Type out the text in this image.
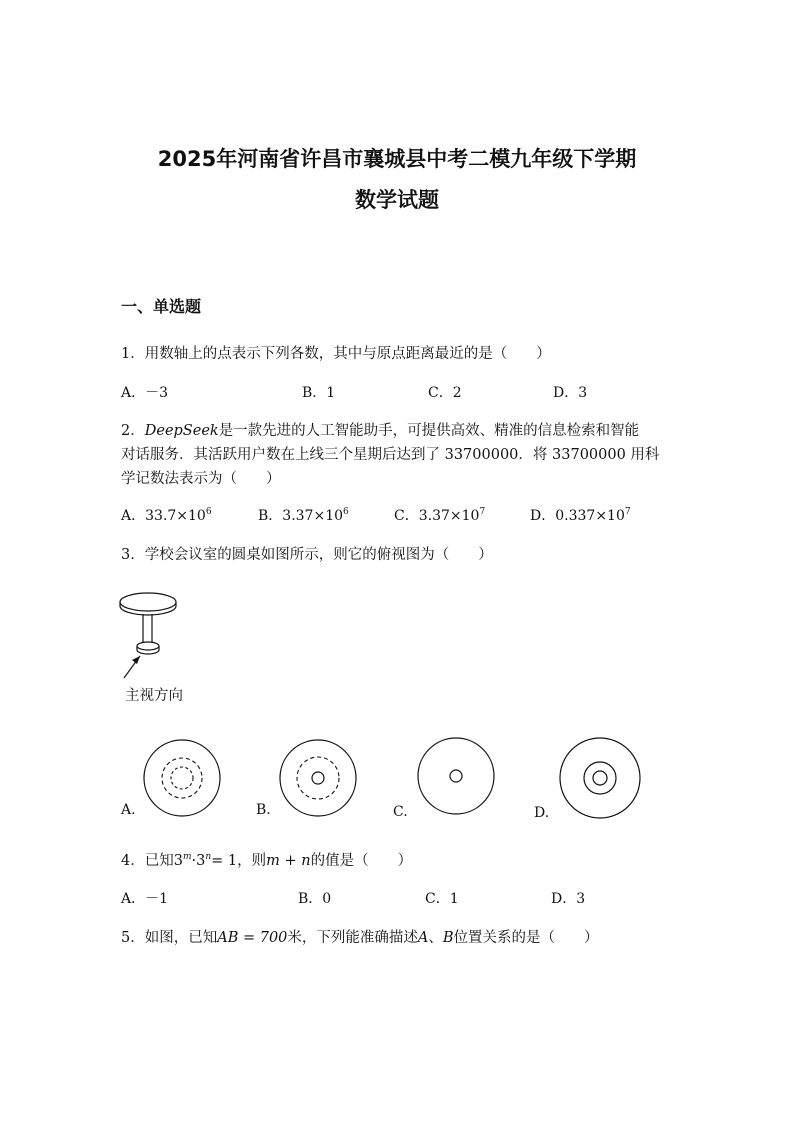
2025年河南省许昌市襄城县中考二模九年级下学期
数学试题
一、单选题
1．用数轴上的点表示下列各数，其中与原点距离最近的是（　　）
A．－3	B．1	C．2	D．3
2．DeepSeek是一款先进的人工智能助手，可提供高效、精准的信息检索和智能
对话服务．其活跃用户数在上线三个星期后达到了 33700000．将 33700000 用科
学记数法表示为（　　）
A．$33.7\times 10^6$	B．$3.37\times 10^6$	C．$3.37\times 10^7$	D．$0.337\times 10^7$
3．学校会议室的圆桌如图所示，则它的俯视图为（　　）
主视方向
A.	B.	C.	D.
4．已知$3^m\cdot 3^n= 1$，则m + n的值是（　　）
A．－1	B．0	C．1	D．3
5．如图，已知AB = 700米，下列能准确描述A、B位置关系的是（　　）
